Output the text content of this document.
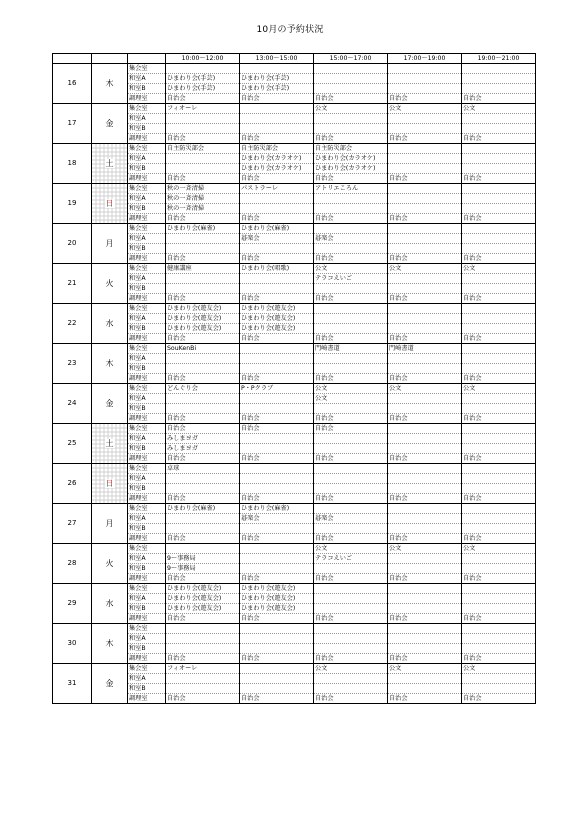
10月の予約状況
			10:00～12:00	13:00～15:00	15:00～17:00	17:00～19:00	19:00～21:00
16	木	集会室					
		和室A	ひまわり会(手芸)	ひまわり会(手芸)			
		和室B	ひまわり会(手芸)	ひまわり会(手芸)			
		調理室	自治会	自治会	自治会	自治会	自治会
17	金	集会室	フィオーレ		公文	公文	公文
		和室A					
		和室B					
		調理室	自治会	自治会	自治会	自治会	自治会
18	土	集会室	自主防災部会	自主防災部会	自主防災部会		
		和室A		ひまわり会(カラオケ)	ひまわり会(カラオケ)		
		和室B		ひまわり会(カラオケ)	ひまわり会(カラオケ)		
		調理室	自治会	自治会	自治会	自治会	自治会
19	日	集会室	秋の一斉清掃	パストラーレ	アトリエころん		
		和室A	秋の一斉清掃				
		和室B	秋の一斉清掃				
		調理室	自治会	自治会	自治会	自治会	自治会
20	月	集会室	ひまわり会(麻雀)	ひまわり会(麻雀)			
		和室A		碁楽会	碁楽会		
		和室B					
		調理室	自治会	自治会	自治会	自治会	自治会
21	火	集会室	健康講座	ひまわり会(唱歌)	公文	公文	公文
		和室A			テラコえいご		
		和室B					
		調理室	自治会	自治会	自治会	自治会	自治会
22	水	集会室	ひまわり会(遊友会)	ひまわり会(遊友会)			
		和室A	ひまわり会(遊友会)	ひまわり会(遊友会)			
		和室B	ひまわり会(遊友会)	ひまわり会(遊友会)			
		調理室	自治会	自治会	自治会	自治会	自治会
23	木	集会室	SouKenBi		門崎書道	門崎書道	
		和室A					
		和室B					
		調理室	自治会	自治会	自治会	自治会	自治会
24	金	集会室	どんぐり会	P・Pクラブ	公文	公文	公文
		和室A			公文		
		和室B					
		調理室	自治会	自治会	自治会	自治会	自治会
25	土	集会室	自治会	自治会	自治会		
		和室A	みしまヨガ				
		和室B	みしまヨガ				
		調理室	自治会	自治会	自治会	自治会	自治会
26	日	集会室	卓球				
		和室A					
		和室B					
		調理室	自治会	自治会	自治会	自治会	自治会
27	月	集会室	ひまわり会(麻雀)	ひまわり会(麻雀)			
		和室A		碁楽会	碁楽会		
		和室B					
		調理室	自治会	自治会	自治会	自治会	自治会
28	火	集会室			公文	公文	公文
		和室A	9～事務局		テラコえいご		
		和室B	9～事務局				
		調理室	自治会	自治会	自治会	自治会	自治会
29	水	集会室	ひまわり会(遊友会)	ひまわり会(遊友会)			
		和室A	ひまわり会(遊友会)	ひまわり会(遊友会)			
		和室B	ひまわり会(遊友会)	ひまわり会(遊友会)			
		調理室	自治会	自治会	自治会	自治会	自治会
30	木	集会室					
		和室A					
		和室B					
		調理室	自治会	自治会	自治会	自治会	自治会
31	金	集会室	フィオーレ		公文	公文	公文
		和室A					
		和室B					
		調理室	自治会	自治会	自治会	自治会	自治会
